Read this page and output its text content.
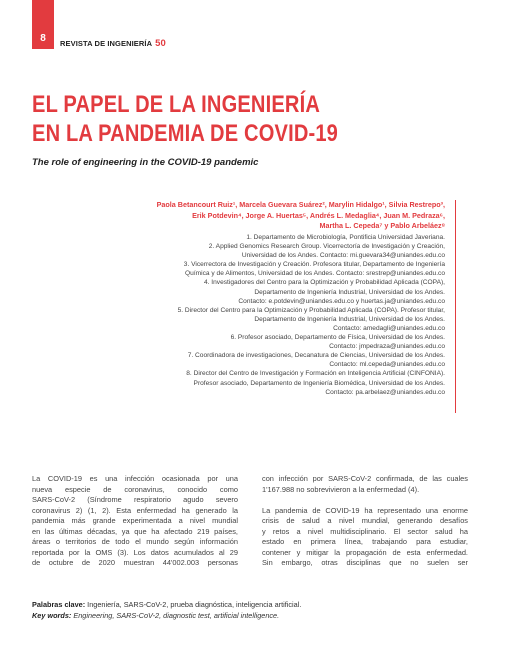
8	REVISTA DE INGENIERÍA 50
EL PAPEL DE LA INGENIERÍA
EN LA PANDEMIA DE COVID-19
The role of engineering in the COVID-19 pandemic
Paola Betancourt Ruiz¹, Marcela Guevara Suárez², Marylin Hidalgo¹, Silvia Restrepo³,
Erik Potdevin⁴, Jorge A. Huertas⁵, Andrés L. Medaglia⁴, Juan M. Pedraza⁶,
Martha L. Cepeda⁷ y Pablo Arbeláez⁸
1. Departamento de Microbiología, Pontificia Universidad Javeriana.
2. Applied Genomics Research Group. Vicerrectoría de Investigación y Creación,
Universidad de los Andes. Contacto: mi.guevara34@uniandes.edu.co
3. Vicerrectora de Investigación y Creación. Profesora titular, Departamento de Ingeniería
Química y de Alimentos, Universidad de los Andes. Contacto: srestrep@uniandes.edu.co
4. Investigadores del Centro para la Optimización y Probabilidad Aplicada (COPA),
Departamento de Ingeniería Industrial, Universidad de los Andes.
Contacto: e.potdevin@uniandes.edu.co y huertas.ja@uniandes.edu.co
5. Director del Centro para la Optimización y Probabilidad Aplicada (COPA). Profesor titular,
Departamento de Ingeniería Industrial, Universidad de los Andes.
Contacto: amedagli@uniandes.edu.co
6. Profesor asociado, Departamento de Física, Universidad de los Andes.
Contacto: jmpedraza@uniandes.edu.co
7. Coordinadora de investigaciones, Decanatura de Ciencias, Universidad de los Andes.
Contacto: ml.cepeda@uniandes.edu.co
8. Director del Centro de Investigación y Formación en Inteligencia Artificial (CINFONIA).
Profesor asociado, Departamento de Ingeniería Biomédica, Universidad de los Andes.
Contacto: pa.arbelaez@uniandes.edu.co
La COVID-19 es una infección ocasionada por una
nueva especie de coronavirus, conocido como
SARS-CoV-2 (Síndrome respiratorio agudo severo
coronavirus 2) (1, 2). Esta enfermedad ha generado la
pandemia más grande experimentada a nivel mundial
en las últimas décadas, ya que ha afectado 219 países,
áreas o territorios de todo el mundo según información
reportada por la OMS (3). Los datos acumulados al 29
de octubre de 2020 muestran 44'002.003 personas
con infección por SARS-CoV-2 confirmada, de las cuales
1'167.988 no sobrevivieron a la enfermedad (4).
La pandemia de COVID-19 ha representado una enorme
crisis de salud a nivel mundial, generando desafíos
y retos a nivel multidisciplinario. El sector salud ha
estado en primera línea, trabajando para estudiar,
contener y mitigar la propagación de esta enfermedad.
Sin embargo, otras disciplinas que no suelen ser
Palabras clave: Ingeniería, SARS-CoV-2, prueba diagnóstica, inteligencia artificial.
Key words: Engineering, SARS-CoV-2, diagnostic test, artificial intelligence.
